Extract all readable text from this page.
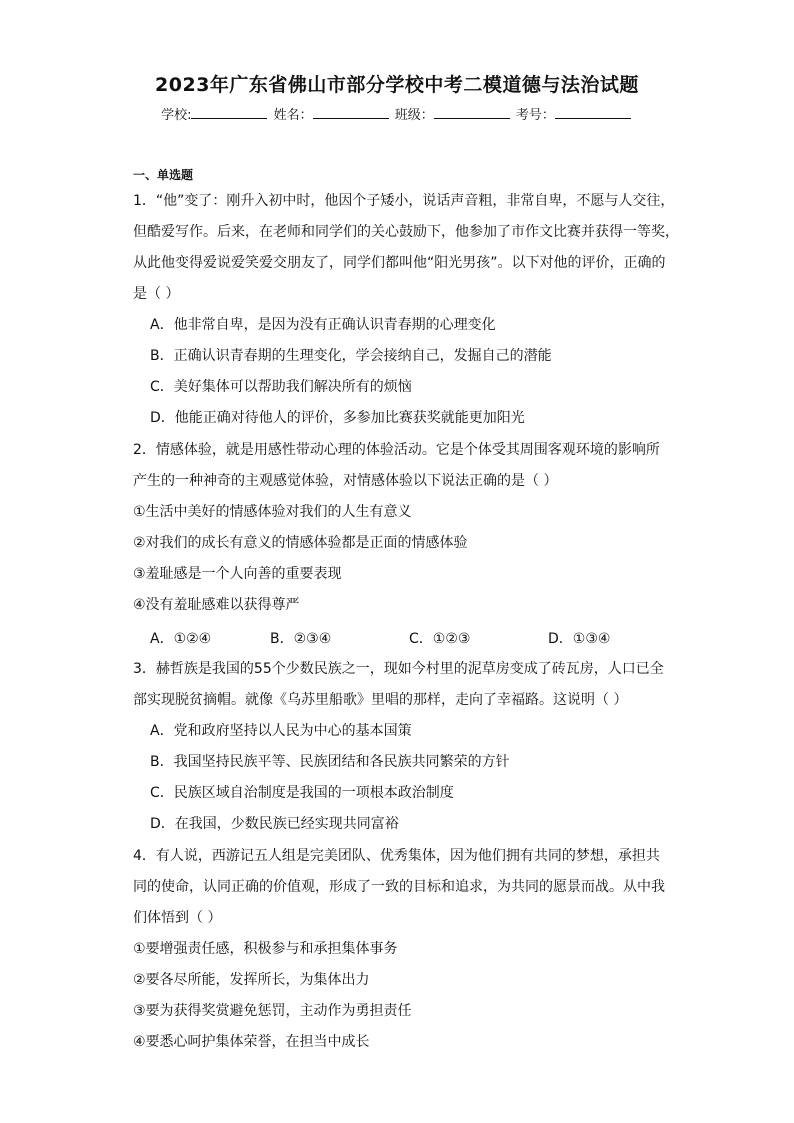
2023年广东省佛山市部分学校中考二模道德与法治试题
学校:	姓名：	班级：	考号：
一、单选题
1．“他”变了：刚升入初中时，他因个子矮小，说话声音粗，非常自卑，不愿与人交往，
但酷爱写作。后来，在老师和同学们的关心鼓励下，他参加了市作文比赛并获得一等奖，
从此他变得爱说爱笑爱交朋友了，同学们都叫他“阳光男孩”。以下对他的评价，正确的
是（ ）
A．他非常自卑，是因为没有正确认识青春期的心理变化
B．正确认识青春期的生理变化，学会接纳自己，发掘自己的潜能
C．美好集体可以帮助我们解决所有的烦恼
D．他能正确对待他人的评价，多参加比赛获奖就能更加阳光
2．情感体验，就是用感性带动心理的体验活动。它是个体受其周围客观环境的影响所
产生的一种神奇的主观感觉体验，对情感体验以下说法正确的是（ ）
①生活中美好的情感体验对我们的人生有意义
②对我们的成长有意义的情感体验都是正面的情感体验
③羞耻感是一个人向善的重要表现
④没有羞耻感难以获得尊严
A．①②④	B．②③④	C．①②③	D．①③④
3．赫哲族是我国的55个少数民族之一，现如今村里的泥草房变成了砖瓦房，人口已全
部实现脱贫摘帽。就像《乌苏里船歌》里唱的那样，走向了幸福路。这说明（ ）
A．党和政府坚持以人民为中心的基本国策
B．我国坚持民族平等、民族团结和各民族共同繁荣的方针
C．民族区域自治制度是我国的一项根本政治制度
D．在我国，少数民族已经实现共同富裕
4．有人说，西游记五人组是完美团队、优秀集体，因为他们拥有共同的梦想，承担共
同的使命，认同正确的价值观，形成了一致的目标和追求，为共同的愿景而战。从中我
们体悟到（ ）
①要增强责任感，积极参与和承担集体事务
②要各尽所能，发挥所长，为集体出力
③要为获得奖赏避免惩罚，主动作为勇担责任
④要悉心呵护集体荣誉，在担当中成长
